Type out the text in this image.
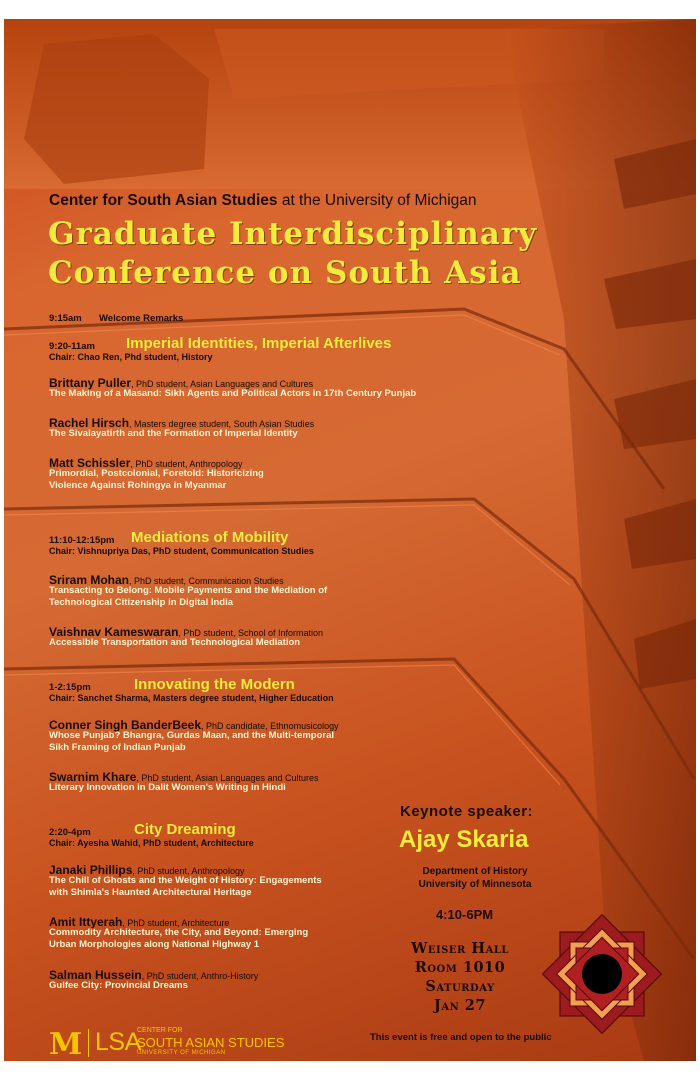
Center for South Asian Studies at the University of Michigan
Graduate Interdisciplinary
Conference on South Asia
9:15am Welcome Remarks
9:20-11am Imperial Identities, Imperial Afterlives
Chair: Chao Ren, Phd student, History
Brittany Puller, PhD student, Asian Languages and Cultures
The Making of a Masand: Sikh Agents and Political Actors in 17th Century Punjab
Rachel Hirsch, Masters degree student, South Asian Studies
The Sivalayatirth and the Formation of Imperial Identity
Matt Schissler, PhD student, Anthropology
Primordial, Postcolonial, Foretold: Historicizing
Violence Against Rohingya in Myanmar
11:10-12:15pm Mediations of Mobility
Chair: Vishnupriya Das, PhD student, Communication Studies
Sriram Mohan, PhD student, Communication Studies
Transacting to Belong: Mobile Payments and the Mediation of
Technological Citizenship in Digital India
Vaishnav Kameswaran, PhD student, School of Information
Accessible Transportation and Technological Mediation
1-2:15pm	Innovating the Modern
Chair: Sanchet Sharma, Masters degree student, Higher Education
Conner Singh BanderBeek, PhD candidate, Ethnomusicology
Whose Punjab? Bhangra, Gurdas Maan, and the Multi-temporal
Sikh Framing of Indian Punjab
Swarnim Khare, PhD student, Asian Languages and Cultures
Literary Innovation in Dalit Women's Writing in Hindi
2:20-4pm	City Dreaming
Chair: Ayesha Wahid, PhD student, Architecture
Janaki Phillips, PhD student, Anthropology
The Chill of Ghosts and the Weight of History: Engagements
with Shimla's Haunted Architectural Heritage
Amit Ittyerah, PhD student, Architecture
Commodity Architecture, the City, and Beyond: Emerging
Urban Morphologies along National Highway 1
Salman Hussein, PhD student, Anthro-History
Gulfee City: Provincial Dreams
Keynote speaker:
Ajay Skaria
Department of History
University of Minnesota
4:10-6PM
Weiser Hall
Room 1010
Saturday
Jan 27
This event is free and open to the public
M LSA
CENTER FOR
SOUTH ASIAN STUDIES
UNIVERSITY OF MICHIGAN
